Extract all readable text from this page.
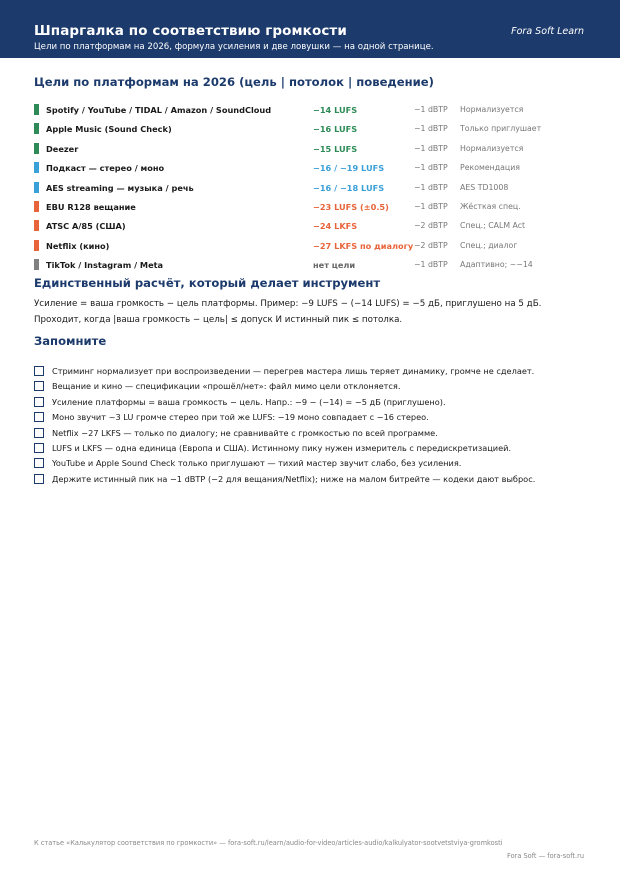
Шпаргалка по соответствию громкости
Цели по платформам на 2026, формула усиления и две ловушки — на одной странице.
Fora Soft Learn
Цели по платформам на 2026 (цель | потолок | поведение)
Spotify / YouTube / TIDAL / Amazon / SoundCloud	−14 LUFS	−1 dBTP Нормализуется
Apple Music (Sound Check)	−16 LUFS	−1 dBTP Только приглушает
Deezer	−15 LUFS	−1 dBTP Нормализуется
Подкаст — стерео / моно	−16 / −19 LUFS	−1 dBTP Рекомендация
AES streaming — музыка / речь	−16 / −18 LUFS	−1 dBTP AES TD1008
EBU R128 вещание	−23 LUFS (±0.5)	−1 dBTP Жёсткая спец.
ATSC A/85 (США)	−24 LKFS	−2 dBTP Спец.; CALM Act
Netflix (кино)	−27 LKFS по диалогу −2 dBTP Спец.; диалог
TikTok / Instagram / Meta	нет цели	−1 dBTP Адаптивно; ~−14
Единственный расчёт, который делает инструмент
Усиление = ваша громкость − цель платформы. Пример: −9 LUFS − (−14 LUFS) = −5 дБ, приглушено на 5 дБ.
Проходит, когда |ваша громкость − цель| ≤ допуск И истинный пик ≤ потолка.
Запомните
Стриминг нормализует при воспроизведении — перегрев мастера лишь теряет динамику, громче не сделает.
Вещание и кино — спецификации «прошёл/нет»: файл мимо цели отклоняется.
Усиление платформы = ваша громкость − цель. Напр.: −9 − (−14) = −5 дБ (приглушено).
Моно звучит ~3 LU громче стерео при той же LUFS: −19 моно совпадает с −16 стерео.
Netflix −27 LKFS — только по диалогу; не сравнивайте с громкостью по всей программе.
LUFS и LKFS — одна единица (Европа и США). Истинному пику нужен измеритель с передискретизацией.
YouTube и Apple Sound Check только приглушают — тихий мастер звучит слабо, без усиления.
Держите истинный пик на −1 dBTP (−2 для вещания/Netflix); ниже на малом битрейте — кодеки дают выброс.
К статье «Калькулятор соответствия по громкости» — fora-soft.ru/learn/audio-for-video/articles-audio/kalkulyator-sootvetstviya-gromkosti
Fora Soft — fora-soft.ru
